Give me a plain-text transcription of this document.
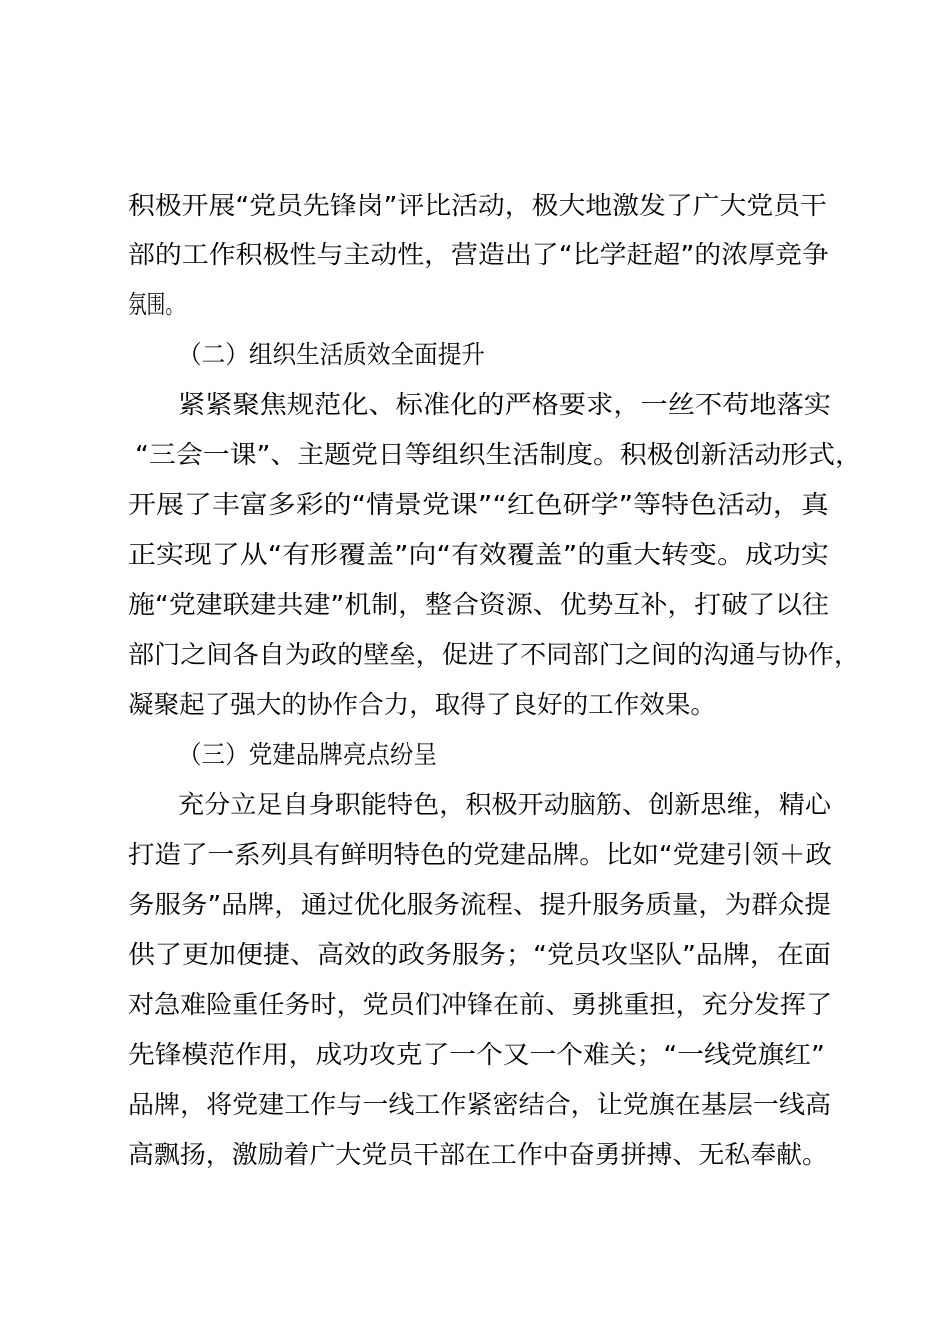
积极开展“党员先锋岗”评比活动，极大地激发了广大党员干
部的工作积极性与主动性，营造出了“比学赶超”的浓厚竞争
氛围。
（二）组织生活质效全面提升
紧紧聚焦规范化、标准化的严格要求，一丝不苟地落实
“三会一课”、主题党日等组织生活制度。积极创新活动形式，
开展了丰富多彩的“情景党课”“红色研学”等特色活动，真
正实现了从“有形覆盖”向“有效覆盖”的重大转变。成功实
施“党建联建共建”机制，整合资源、优势互补，打破了以往
部门之间各自为政的壁垒，促进了不同部门之间的沟通与协作，
凝聚起了强大的协作合力，取得了良好的工作效果。
（三）党建品牌亮点纷呈
充分立足自身职能特色，积极开动脑筋、创新思维，精心
打造了一系列具有鲜明特色的党建品牌。比如“党建引领＋政
务服务”品牌，通过优化服务流程、提升服务质量，为群众提
供了更加便捷、高效的政务服务；“党员攻坚队”品牌，在面
对急难险重任务时，党员们冲锋在前、勇挑重担，充分发挥了
先锋模范作用，成功攻克了一个又一个难关；“一线党旗红”
品牌，将党建工作与一线工作紧密结合，让党旗在基层一线高
高飘扬，激励着广大党员干部在工作中奋勇拼搏、无私奉献。
